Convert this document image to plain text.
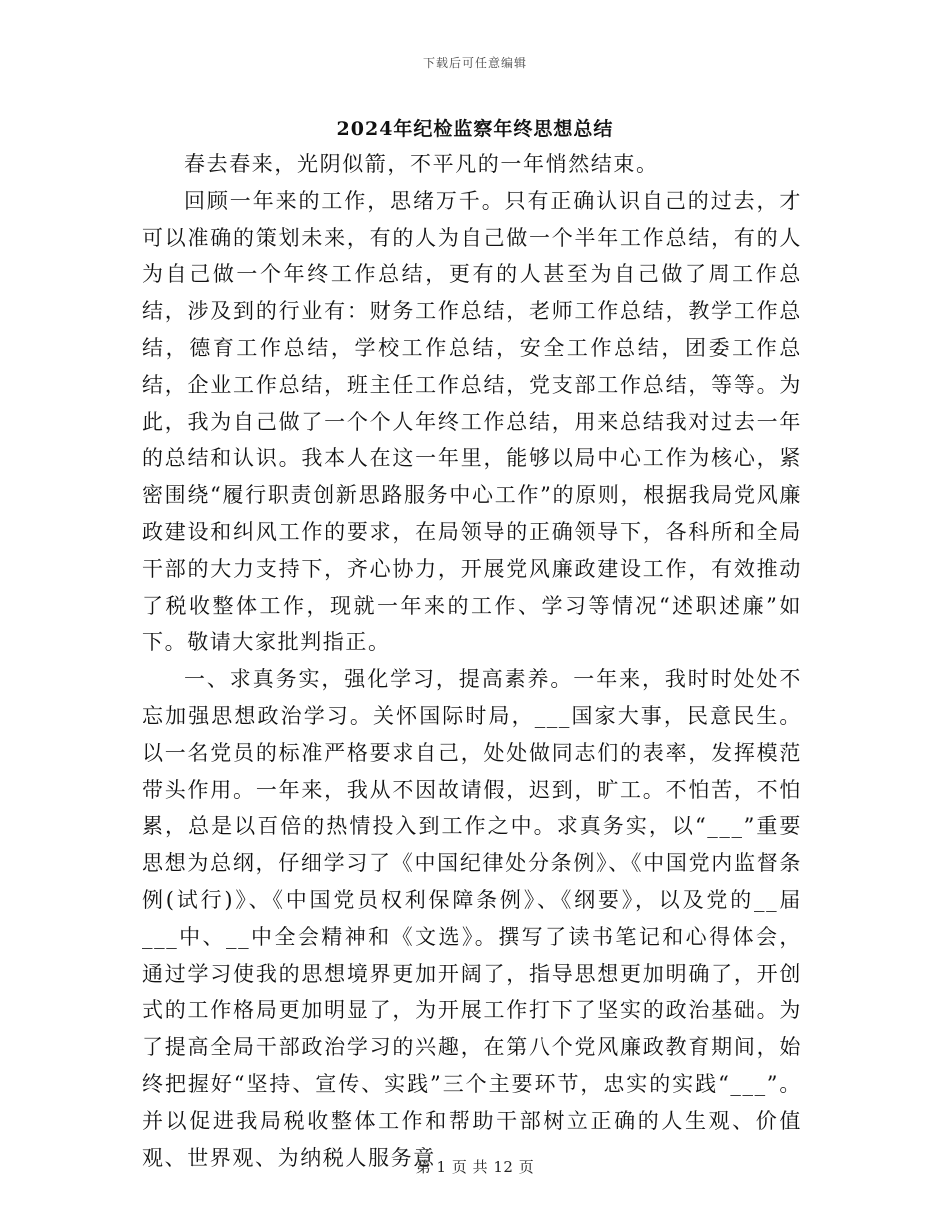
下载后可任意编辑
2024年纪检监察年终思想总结

春去春来，光阴似箭，不平凡的一年悄然结束。

回顾一年来的工作，思绪万千。只有正确认识自己的过去，才可以准确的策划未来，有的人为自己做一个半年工作总结，有的人为自己做一个年终工作总结，更有的人甚至为自己做了周工作总结，涉及到的行业有：财务工作总结，老师工作总结，教学工作总结，德育工作总结，学校工作总结，安全工作总结，团委工作总结，企业工作总结，班主任工作总结，党支部工作总结，等等。为此，我为自己做了一个个人年终工作总结，用来总结我对过去一年的总结和认识。我本人在这一年里，能够以局中心工作为核心，紧密围绕“履行职责创新思路服务中心工作”的原则，根据我局党风廉政建设和纠风工作的要求，在局领导的正确领导下，各科所和全局干部的大力支持下，齐心协力，开展党风廉政建设工作，有效推动了税收整体工作，现就一年来的工作、学习等情况“述职述廉”如下。敬请大家批判指正。

一、求真务实，强化学习，提高素养。一年来，我时时处处不忘加强思想政治学习。关怀国际时局，___国家大事，民意民生。以一名党员的标准严格要求自己，处处做同志们的表率，发挥模范带头作用。一年来，我从不因故请假，迟到，旷工。不怕苦，不怕累，总是以百倍的热情投入到工作之中。求真务实，以“___”重要思想为总纲，仔细学习了《中国纪律处分条例》、《中国党内监督条例(试行)》、《中国党员权利保障条例》、《纲要》，以及党的__届___中、__中全会精神和《文选》。撰写了读书笔记和心得体会，通过学习使我的思想境界更加开阔了，指导思想更加明确了，开创式的工作格局更加明显了，为开展工作打下了坚实的政治基础。为了提高全局干部政治学习的兴趣，在第八个党风廉政教育期间，始终把握好“坚持、宣传、实践”三个主要环节，忠实的实践“___”。并以促进我局税收整体工作和帮助干部树立正确的人生观、价值观、世界观、为纳税人服务意

第 1 页 共 12 页
